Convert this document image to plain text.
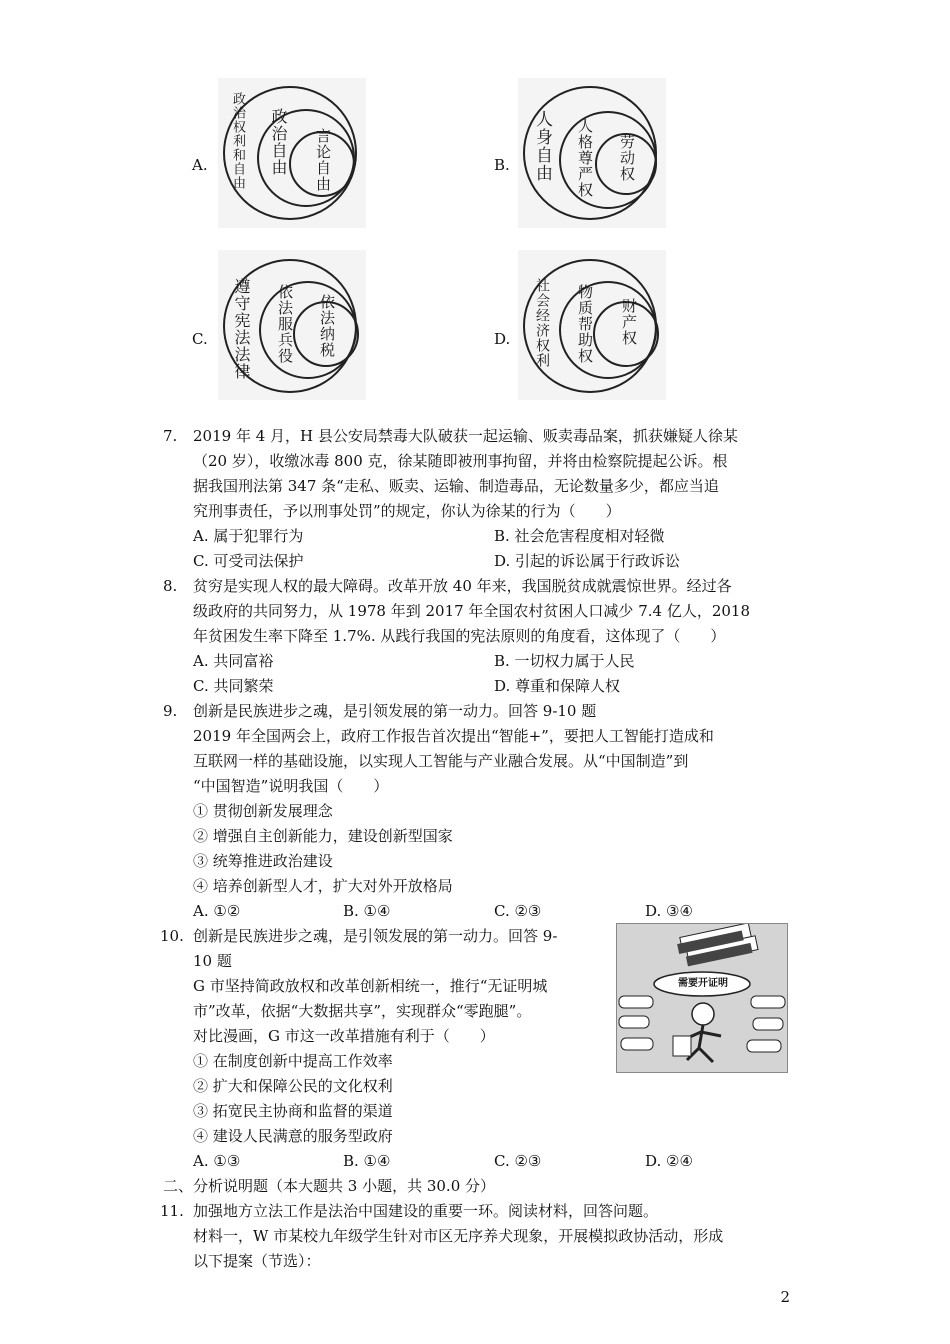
A. 政治权利和自由 政治自由 言论自由	B. 人身自由 人格尊严权 劳动权
C. 遵守宪法法律 依法服兵役 依法纳税	D. 社会经济权利 物质帮助权 财产权
7. 2019 年 4 月，H 县公安局禁毒大队破获一起运输、贩卖毒品案，抓获嫌疑人徐某
（20 岁），收缴冰毒 800 克，徐某随即被刑事拘留，并将由检察院提起公诉。根
据我国刑法第 347 条“走私、贩卖、运输、制造毒品，无论数量多少，都应当追
究刑事责任，予以刑事处罚”的规定，你认为徐某的行为（　　）
A. 属于犯罪行为	B. 社会危害程度相对轻微
C. 可受司法保护	D. 引起的诉讼属于行政诉讼
8. 贫穷是实现人权的最大障碍。改革开放 40 年来，我国脱贫成就震惊世界。经过各
级政府的共同努力，从 1978 年到 2017 年全国农村贫困人口减少 7.4 亿人，2018
年贫困发生率下降至 1.7%. 从践行我国的宪法原则的角度看，这体现了（　　）
A. 共同富裕	B. 一切权力属于人民
C. 共同繁荣	D. 尊重和保障人权
9. 创新是民族进步之魂，是引领发展的第一动力。回答 9-10 题
2019 年全国两会上，政府工作报告首次提出“智能+”，要把人工智能打造成和
互联网一样的基础设施，以实现人工智能与产业融合发展。从“中国制造”到
“中国智造”说明我国（　　）
① 贯彻创新发展理念
② 增强自主创新能力，建设创新型国家
③ 统筹推进政治建设
④ 培养创新型人才，扩大对外开放格局
A. ①②	B. ①④	C. ②③	D. ③④
10. 创新是民族进步之魂，是引领发展的第一动力。回答 9-
10 题
G 市坚持简政放权和改革创新相统一，推行“无证明城
市”改革，依据“大数据共享”，实现群众“零跑腿”。
对比漫画，G 市这一改革措施有利于（　　）
① 在制度创新中提高工作效率
② 扩大和保障公民的文化权利
③ 拓宽民主协商和监督的渠道
④ 建设人民满意的服务型政府
A. ①③	B. ①④	C. ②③	D. ②④
需要开证明
二、分析说明题（本大题共 3 小题，共 30.0 分）
11. 加强地方立法工作是法治中国建设的重要一环。阅读材料，回答问题。
材料一，W 市某校九年级学生针对市区无序养犬现象，开展模拟政协活动，形成
以下提案（节选）：
2
